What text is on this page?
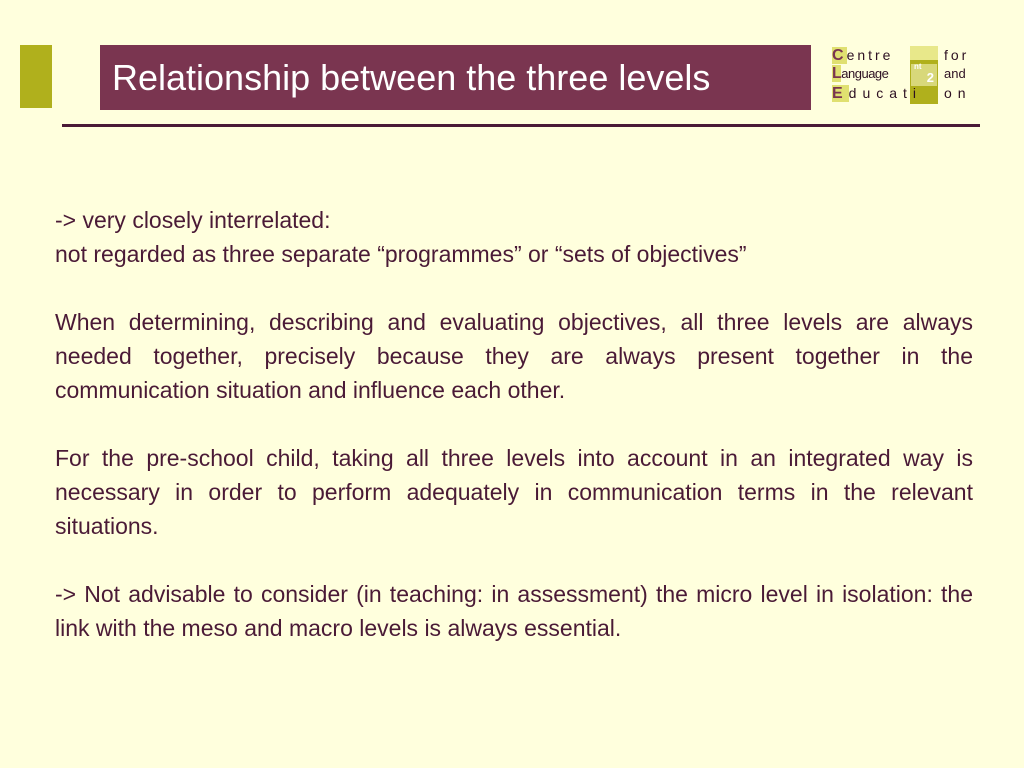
Relationship between the three levels	2
nt
Centre
Language
Educati
for
and
on

-> very closely interrelated:
not regarded as three separate “programmes” or “sets of objectives”

When determining, describing and evaluating objectives, all three levels are always needed together, precisely because they are always present together in the communication situation and influence each other.

For the pre-school child, taking all three levels into account in an integrated way is necessary in order to perform adequately in communication terms in the relevant situations.

-> Not advisable to consider (in teaching: in assessment) the micro level in isolation: the link with the meso and macro levels is always essential.
